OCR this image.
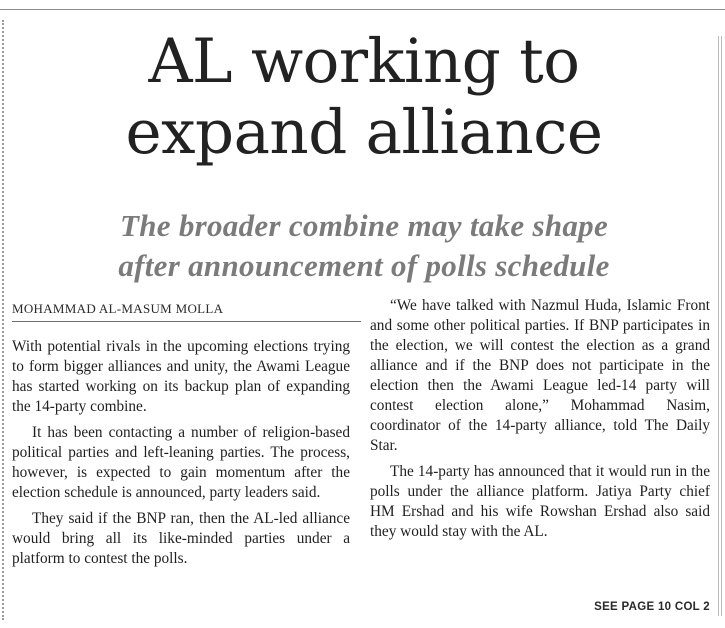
AL working to
expand alliance
The broader combine may take shape
after announcement of polls schedule
MOHAMMAD AL-MASUM MOLLA

With potential rivals in the upcoming elections trying to form bigger alliances and unity, the Awami League has started working on its backup plan of expanding the 14-party combine.

It has been contacting a number of religion-based political parties and left-leaning parties. The process, however, is expected to gain momentum after the election schedule is announced, party leaders said.

They said if the BNP ran, then the AL-led alliance would bring all its like-minded parties under a platform to contest the polls.

“We have talked with Nazmul Huda, Islamic Front and some other political parties. If BNP participates in the election, we will contest the election as a grand alliance and if the BNP does not participate in the election then the Awami League led-14 party will contest election alone,” Mohammad Nasim, coordinator of the 14-party alliance, told The Daily Star.

The 14-party has announced that it would run in the polls under the alliance platform. Jatiya Party chief HM Ershad and his wife Rowshan Ershad also said they would stay with the AL.

SEE PAGE 10 COL 2
